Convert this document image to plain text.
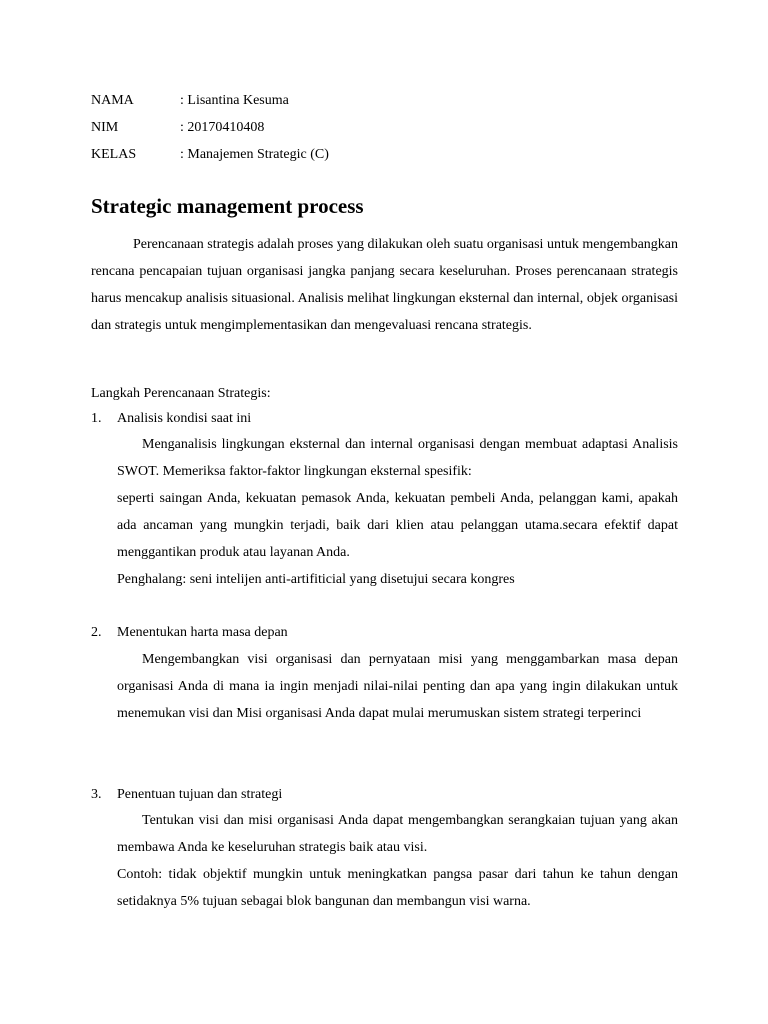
NAMA	: Lisantina Kesuma
NIM	: 20170410408
KELAS	: Manajemen Strategic (C)
Strategic management process

Perencanaan strategis adalah proses yang dilakukan oleh suatu organisasi untuk mengembangkan rencana pencapaian tujuan organisasi jangka panjang secara keseluruhan. Proses perencanaan strategis harus mencakup analisis situasional. Analisis melihat lingkungan eksternal dan internal, objek organisasi dan strategis untuk mengimplementasikan dan mengevaluasi rencana strategis.

Langkah Perencanaan Strategis:

1. Analisis kondisi saat ini

Menganalisis lingkungan eksternal dan internal organisasi dengan membuat adaptasi Analisis SWOT. Memeriksa faktor-faktor lingkungan eksternal spesifik:

seperti saingan Anda, kekuatan pemasok Anda, kekuatan pembeli Anda, pelanggan kami, apakah ada ancaman yang mungkin terjadi, baik dari klien atau pelanggan utama.secara efektif dapat menggantikan produk atau layanan Anda.

Penghalang: seni intelijen anti-artifiticial yang disetujui secara kongres

2. Menentukan harta masa depan

Mengembangkan visi organisasi dan pernyataan misi yang menggambarkan masa depan organisasi Anda di mana ia ingin menjadi nilai-nilai penting dan apa yang ingin dilakukan untuk menemukan visi dan Misi organisasi Anda dapat mulai merumuskan sistem strategi terperinci

3. Penentuan tujuan dan strategi

Tentukan visi dan misi organisasi Anda dapat mengembangkan serangkaian tujuan yang akan membawa Anda ke keseluruhan strategis baik atau visi.

Contoh: tidak objektif mungkin untuk meningkatkan pangsa pasar dari tahun ke tahun dengan setidaknya 5% tujuan sebagai blok bangunan dan membangun visi warna.
